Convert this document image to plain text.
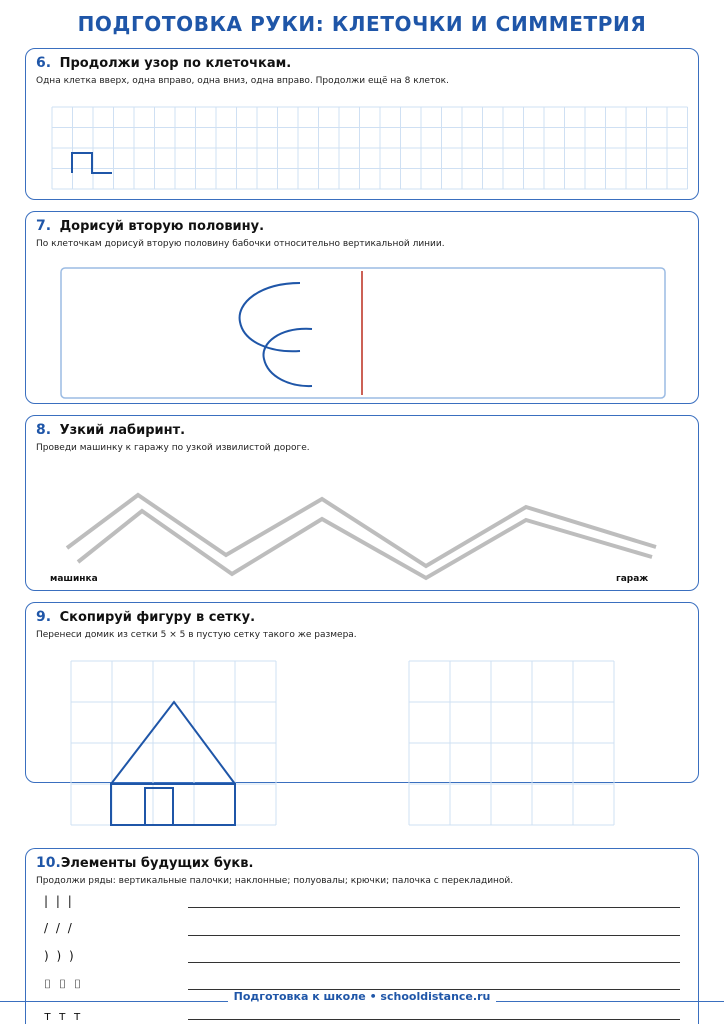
ПОДГОТОВКА РУКИ: КЛЕТОЧКИ И СИММЕТРИЯ
6. Продолжи узор по клеточкам.
Одна клетка вверх, одна вправо, одна вниз, одна вправо. Продолжи ещё на 8 клеток.
7. Дорисуй вторую половину.
По клеточкам дорисуй вторую половину бабочки относительно вертикальной линии.
8. Узкий лабиринт.
Проведи машинку к гаражу по узкой извилистой дороге.
машинка	гараж
9. Скопируй фигуру в сетку.
Перенеси домик из сетки 5 × 5 в пустую сетку такого же размера.
10.Элементы будущих букв.
Продолжи ряды: вертикальные палочки; наклонные; полуовалы; крючки; палочка с перекладиной.
| | |
/ / /
) ) )
⌷ ⌷ ⌷
т т т
Подготовка к школе • schooldistance.ru
